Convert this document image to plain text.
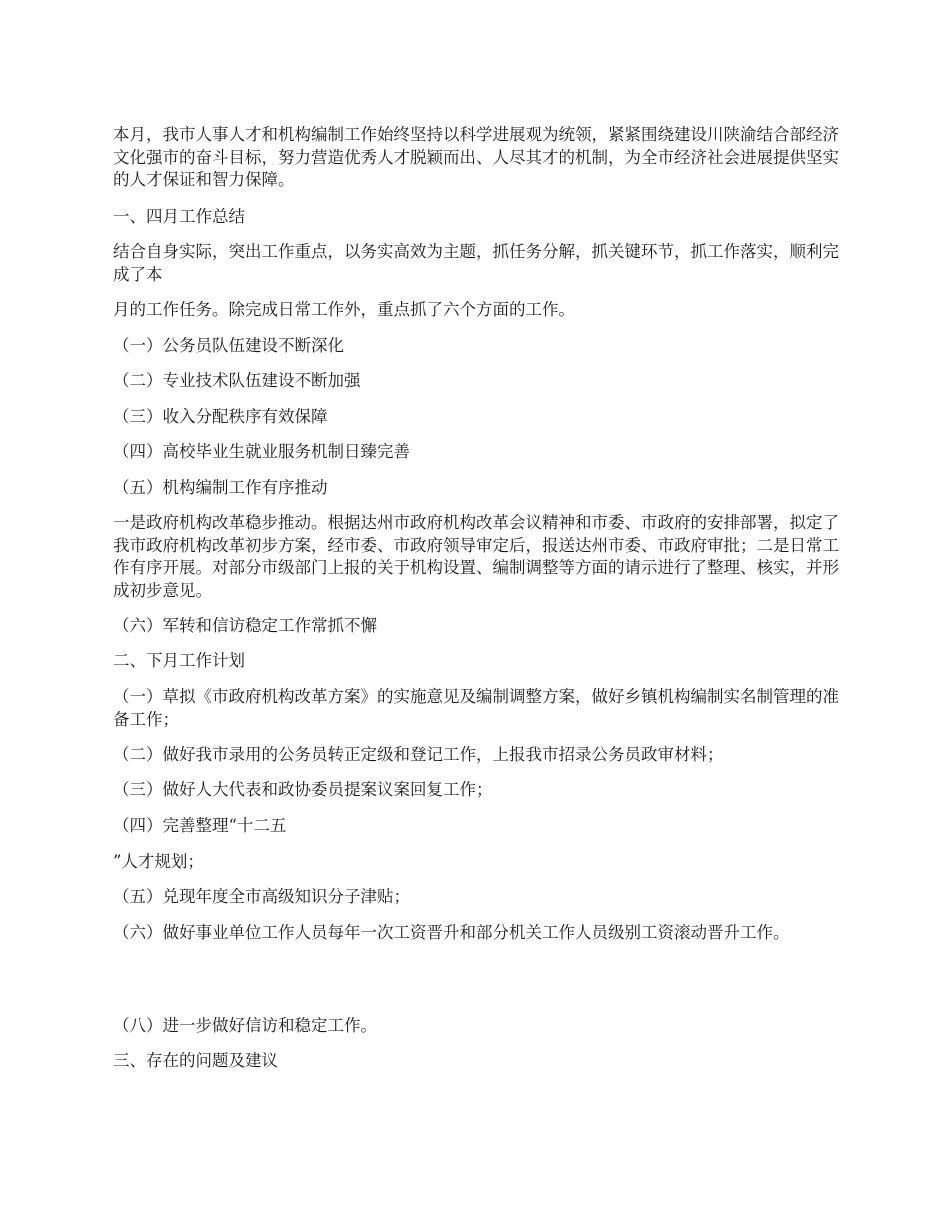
本月，我市人事人才和机构编制工作始终坚持以科学进展观为统领，紧紧围绕建设川陕渝结合部经济文化强市的奋斗目标，努力营造优秀人才脱颖而出、人尽其才的机制，为全市经济社会进展提供坚实的人才保证和智力保障。

一、四月工作总结

结合自身实际，突出工作重点，以务实高效为主题，抓任务分解，抓关键环节，抓工作落实，顺利完成了本

月的工作任务。除完成日常工作外，重点抓了六个方面的工作。

（一）公务员队伍建设不断深化

（二）专业技术队伍建设不断加强

（三）收入分配秩序有效保障

（四）高校毕业生就业服务机制日臻完善

（五）机构编制工作有序推动

一是政府机构改革稳步推动。根据达州市政府机构改革会议精神和市委、市政府的安排部署，拟定了我市政府机构改革初步方案，经市委、市政府领导审定后，报送达州市委、市政府审批；二是日常工作有序开展。对部分市级部门上报的关于机构设置、编制调整等方面的请示进行了整理、核实，并形成初步意见。

（六）军转和信访稳定工作常抓不懈

二、下月工作计划

（一）草拟《市政府机构改革方案》的实施意见及编制调整方案，做好乡镇机构编制实名制管理的准备工作；

（二）做好我市录用的公务员转正定级和登记工作，上报我市招录公务员政审材料；

（三）做好人大代表和政协委员提案议案回复工作；

（四）完善整理“十二五

”人才规划；

（五）兑现年度全市高级知识分子津贴；

（六）做好事业单位工作人员每年一次工资晋升和部分机关工作人员级别工资滚动晋升工作。

（八）进一步做好信访和稳定工作。

三、存在的问题及建议
